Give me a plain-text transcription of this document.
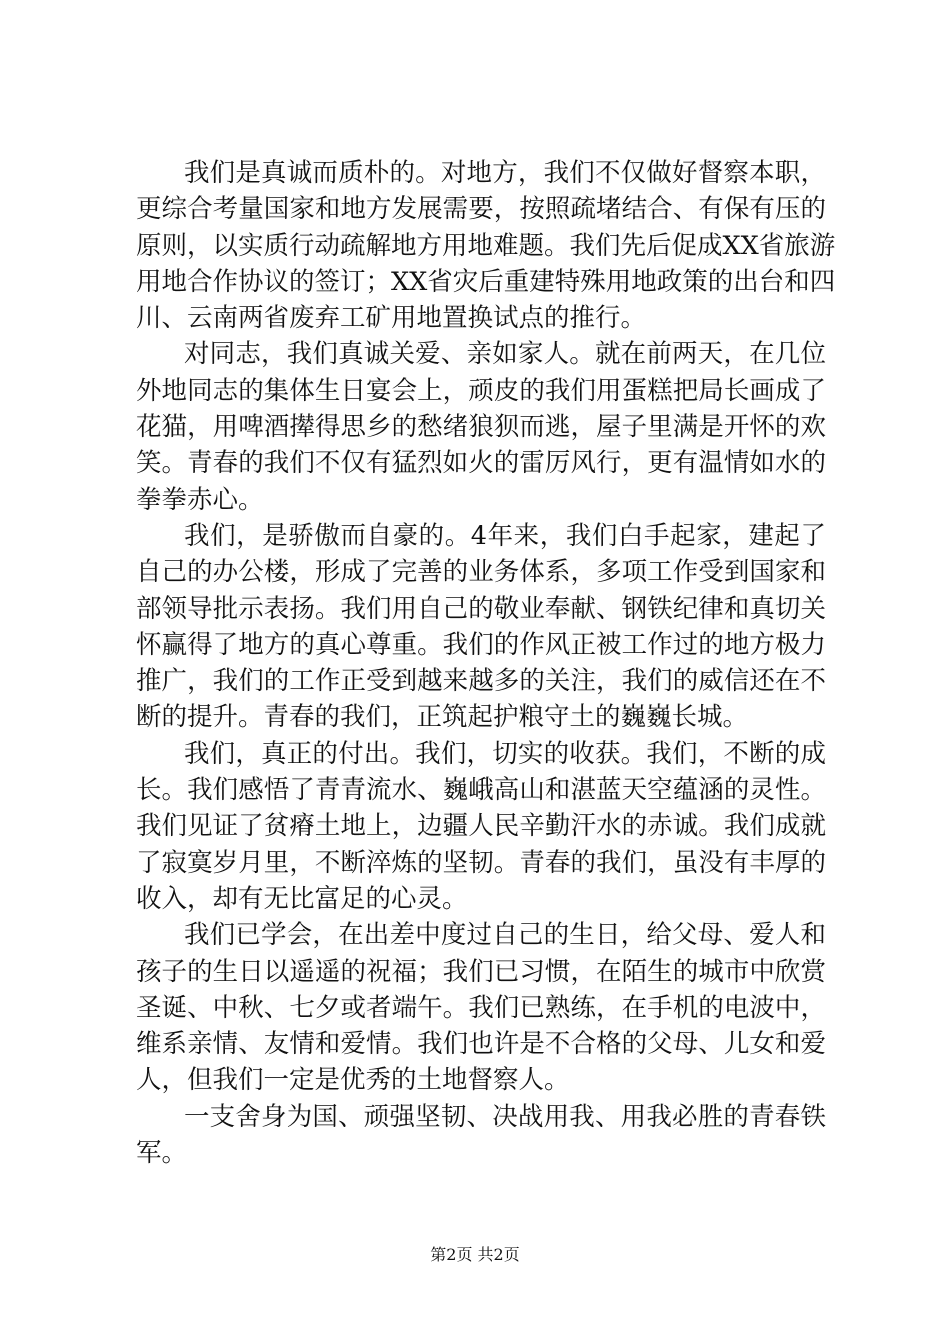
我们是真诚而质朴的。对地方，我们不仅做好督察本职，
更综合考量国家和地方发展需要，按照疏堵结合、有保有压的
原则，以实质行动疏解地方用地难题。我们先后促成XX省旅游
用地合作协议的签订；XX省灾后重建特殊用地政策的出台和四
川、云南两省废弃工矿用地置换试点的推行。
对同志，我们真诚关爱、亲如家人。就在前两天，在几位
外地同志的集体生日宴会上，顽皮的我们用蛋糕把局长画成了
花猫，用啤酒撵得思乡的愁绪狼狈而逃，屋子里满是开怀的欢
笑。青春的我们不仅有猛烈如火的雷厉风行，更有温情如水的
拳拳赤心。
我们，是骄傲而自豪的。4年来，我们白手起家，建起了
自己的办公楼，形成了完善的业务体系，多项工作受到国家和
部领导批示表扬。我们用自己的敬业奉献、钢铁纪律和真切关
怀赢得了地方的真心尊重。我们的作风正被工作过的地方极力
推广，我们的工作正受到越来越多的关注，我们的威信还在不
断的提升。青春的我们，正筑起护粮守土的巍巍长城。
我们，真正的付出。我们，切实的收获。我们，不断的成
长。我们感悟了青青流水、巍峨高山和湛蓝天空蕴涵的灵性。
我们见证了贫瘠土地上，边疆人民辛勤汗水的赤诚。我们成就
了寂寞岁月里，不断淬炼的坚韧。青春的我们，虽没有丰厚的
收入，却有无比富足的心灵。
我们已学会，在出差中度过自己的生日，给父母、爱人和
孩子的生日以遥遥的祝福；我们已习惯，在陌生的城市中欣赏
圣诞、中秋、七夕或者端午。我们已熟练，在手机的电波中，
维系亲情、友情和爱情。我们也许是不合格的父母、儿女和爱
人，但我们一定是优秀的土地督察人。
一支舍身为国、顽强坚韧、决战用我、用我必胜的青春铁
军。
第2页 共2页
